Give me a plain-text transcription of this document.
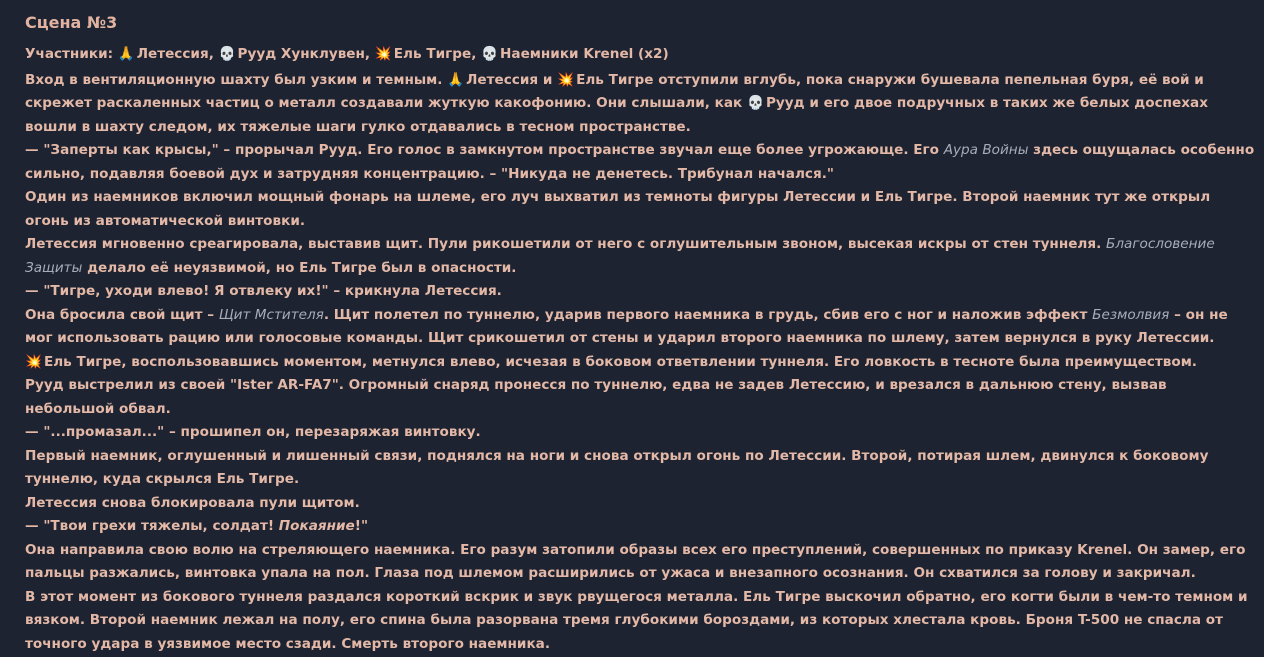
Сцена №3

Участники: 🙏 Летессия, 💀 Рууд Хунклувен, 💥 Ель Тигре, 💀 Наемники Krenel (x2)

Вход в вентиляционную шахту был узким и темным. 🙏 Летессия и 💥 Ель Тигре отступили вглубь, пока снаружи бушевала пепельная буря, её вой и скрежет раскаленных частиц о металл создавали жуткую какофонию. Они слышали, как 💀 Рууд и его двое подручных в таких же белых доспехах вошли в шахту следом, их тяжелые шаги гулко отдавались в тесном пространстве.

— "Заперты как крысы," – прорычал Рууд. Его голос в замкнутом пространстве звучал еще более угрожающе. Его Аура Войны здесь ощущалась особенно сильно, подавляя боевой дух и затрудняя концентрацию. – "Никуда не денетесь. Трибунал начался."

Один из наемников включил мощный фонарь на шлеме, его луч выхватил из темноты фигуры Летессии и Ель Тигре. Второй наемник тут же открыл огонь из автоматической винтовки.

Летессия мгновенно среагировала, выставив щит. Пули рикошетили от него с оглушительным звоном, высекая искры от стен туннеля. Благословение Защиты делало её неуязвимой, но Ель Тигре был в опасности.

— "Тигре, уходи влево! Я отвлеку их!" – крикнула Летессия.

Она бросила свой щит – Щит Мстителя. Щит полетел по туннелю, ударив первого наемника в грудь, сбив его с ног и наложив эффект Безмолвия – он не мог использовать рацию или голосовые команды. Щит срикошетил от стены и ударил второго наемника по шлему, затем вернулся в руку Летессии.

💥 Ель Тигре, воспользовавшись моментом, метнулся влево, исчезая в боковом ответвлении туннеля. Его ловкость в тесноте была преимуществом.

Рууд выстрелил из своей "Ister AR-FA7". Огромный снаряд пронесся по туннелю, едва не задев Летессию, и врезался в дальнюю стену, вызвав небольшой обвал.

— "...промазал..." – прошипел он, перезаряжая винтовку.

Первый наемник, оглушенный и лишенный связи, поднялся на ноги и снова открыл огонь по Летессии. Второй, потирая шлем, двинулся к боковому туннелю, куда скрылся Ель Тигре.

Летессия снова блокировала пули щитом.

— "Твои грехи тяжелы, солдат! Покаяние!"

Она направила свою волю на стреляющего наемника. Его разум затопили образы всех его преступлений, совершенных по приказу Krenel. Он замер, его пальцы разжались, винтовка упала на пол. Глаза под шлемом расширились от ужаса и внезапного осознания. Он схватился за голову и закричал.

В этот момент из бокового туннеля раздался короткий вскрик и звук рвущегося металла. Ель Тигре выскочил обратно, его когти были в чем-то темном и вязком. Второй наемник лежал на полу, его спина была разорвана тремя глубокими бороздами, из которых хлестала кровь. Броня T-500 не спасла от точного удара в уязвимое место сзади. Смерть второго наемника.
